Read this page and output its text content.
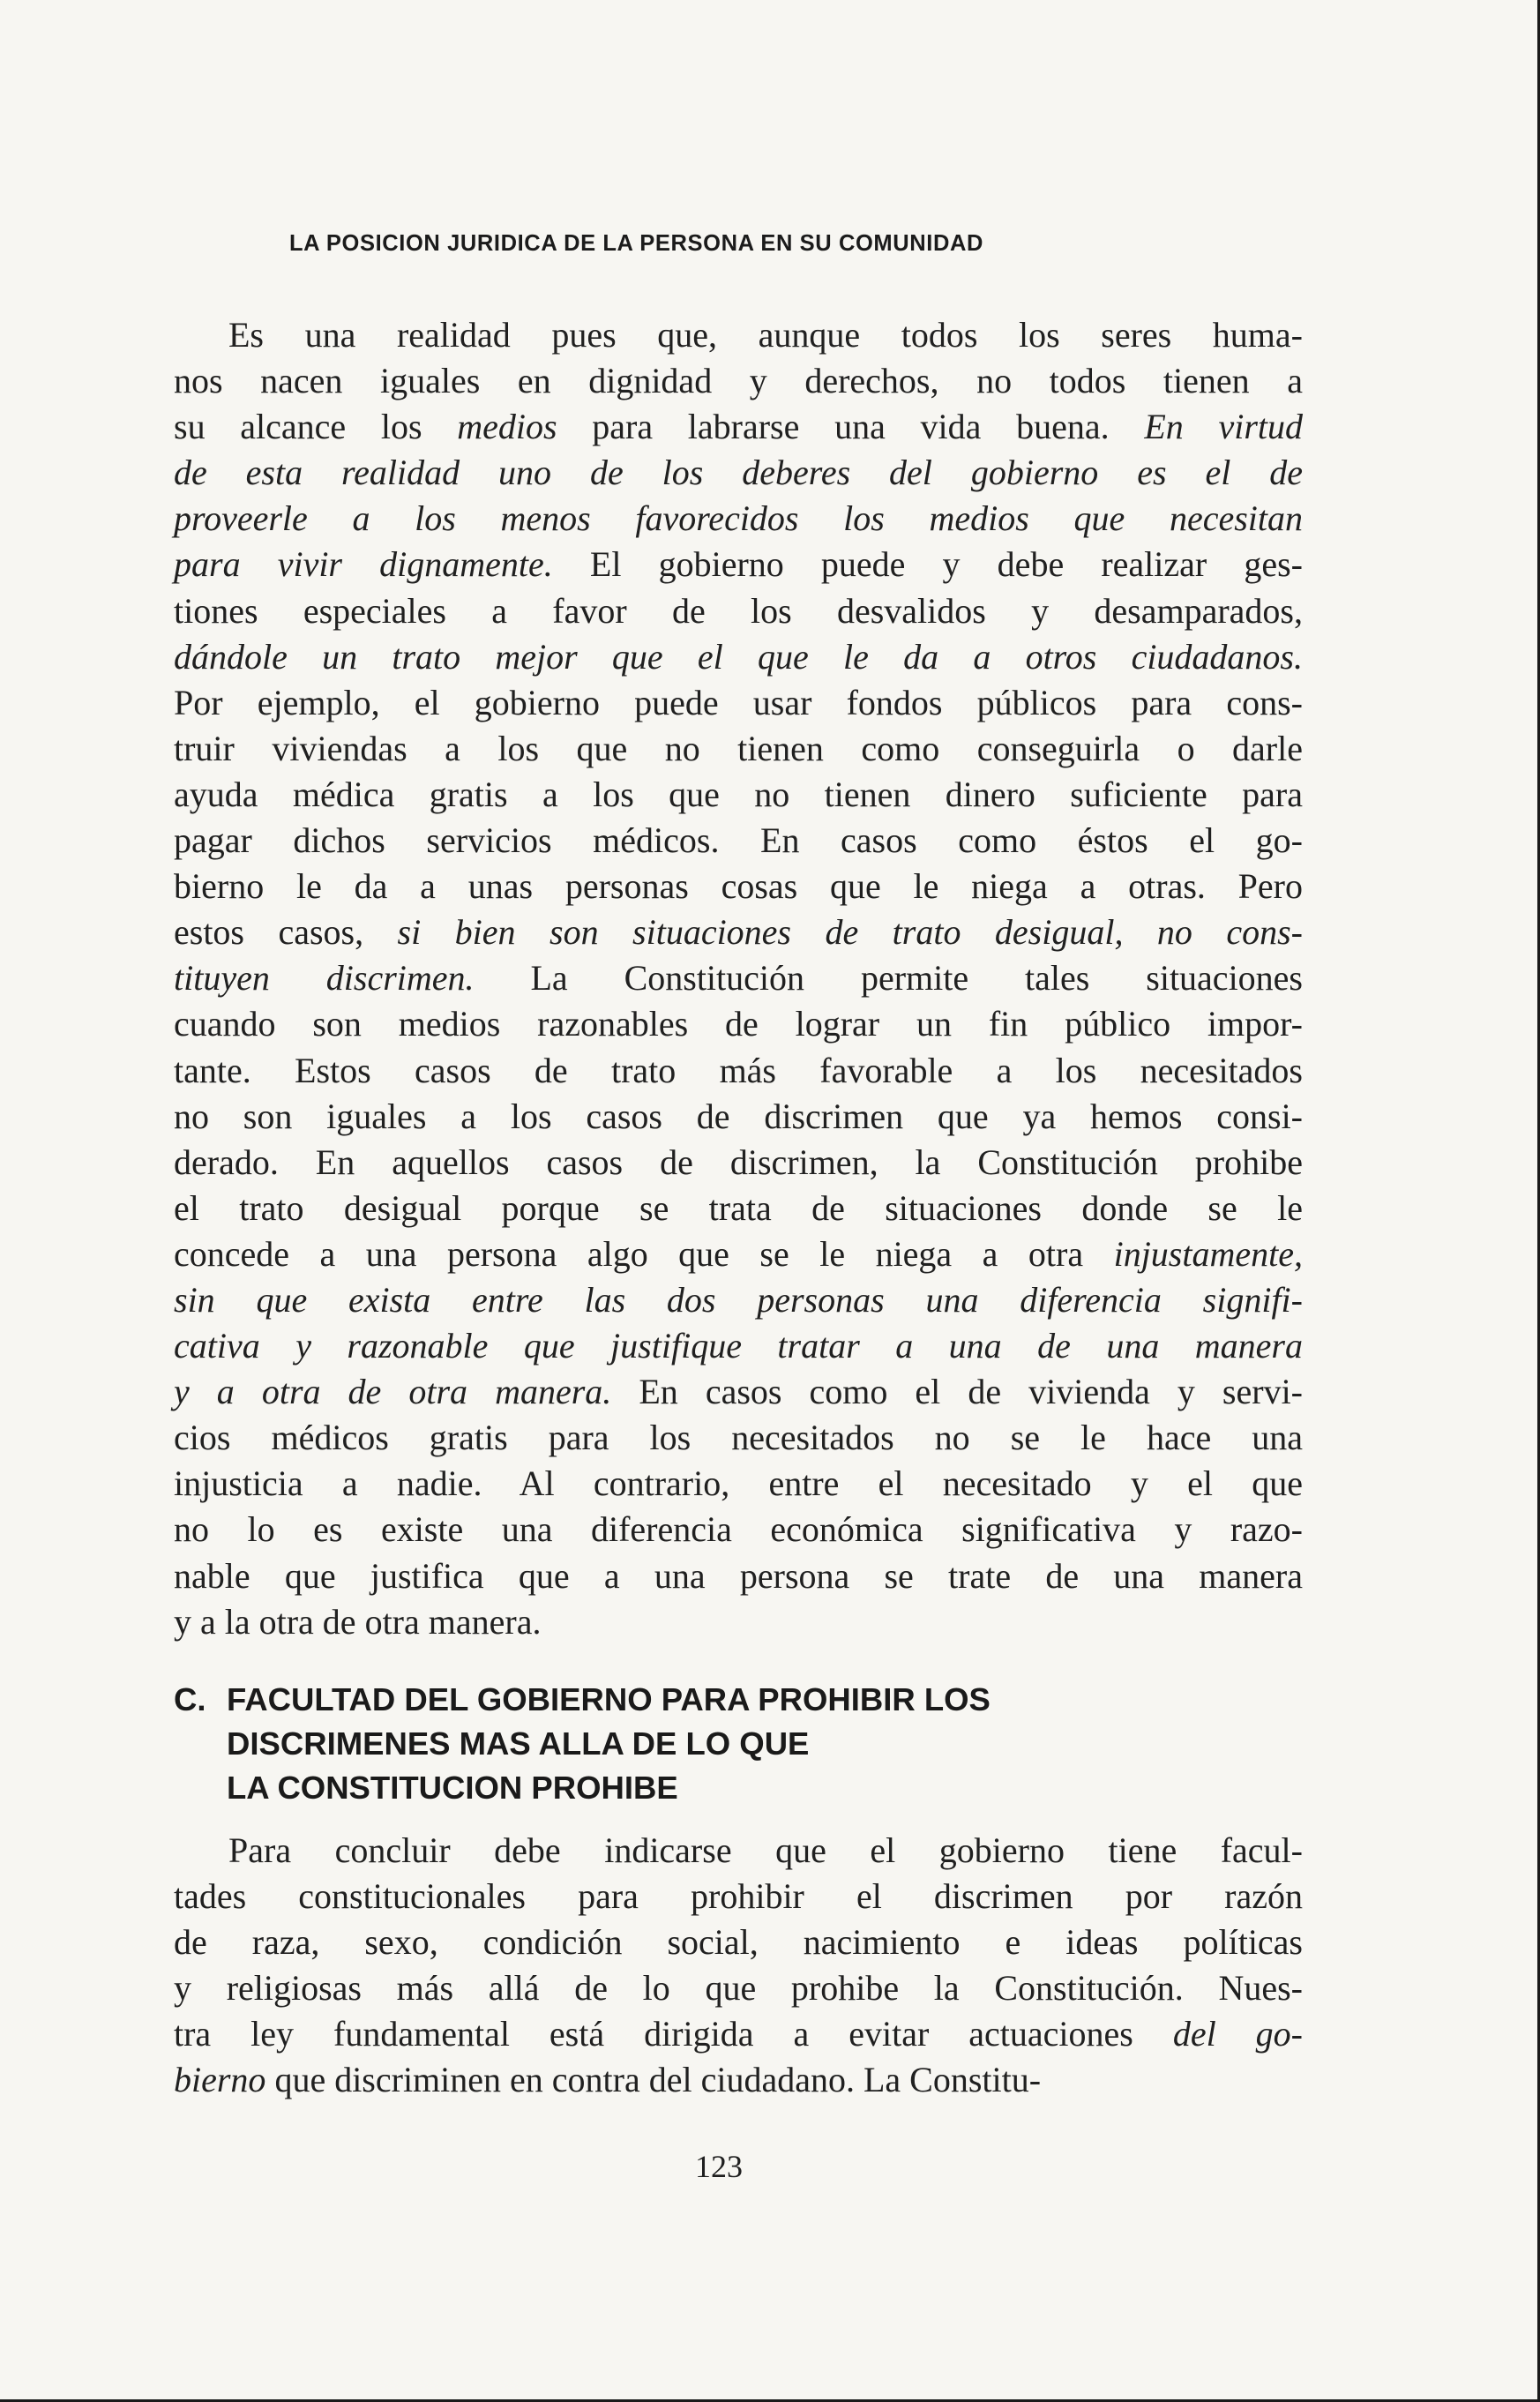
LA POSICION JURIDICA DE LA PERSONA EN SU COMUNIDAD
Es una realidad pues que, aunque todos los seres huma-
nos nacen iguales en dignidad y derechos, no todos tienen a
su alcance los medios para labrarse una vida buena. En virtud
de esta realidad uno de los deberes del gobierno es el de
proveerle a los menos favorecidos los medios que necesitan
para vivir dignamente. El gobierno puede y debe realizar ges-
tiones especiales a favor de los desvalidos y desamparados,
dándole un trato mejor que el que le da a otros ciudadanos.
Por ejemplo, el gobierno puede usar fondos públicos para cons-
truir viviendas a los que no tienen como conseguirla o darle
ayuda médica gratis a los que no tienen dinero suficiente para
pagar dichos servicios médicos. En casos como éstos el go-
bierno le da a unas personas cosas que le niega a otras. Pero
estos casos, si bien son situaciones de trato desigual, no cons-
tituyen discrimen. La Constitución permite tales situaciones
cuando son medios razonables de lograr un fin público impor-
tante. Estos casos de trato más favorable a los necesitados
no son iguales a los casos de discrimen que ya hemos consi-
derado. En aquellos casos de discrimen, la Constitución prohibe
el trato desigual porque se trata de situaciones donde se le
concede a una persona algo que se le niega a otra injustamente,
sin que exista entre las dos personas una diferencia signifi-
cativa y razonable que justifique tratar a una de una manera
y a otra de otra manera. En casos como el de vivienda y servi-
cios médicos gratis para los necesitados no se le hace una
injusticia a nadie. Al contrario, entre el necesitado y el que
no lo es existe una diferencia económica significativa y razo-
nable que justifica que a una persona se trate de una manera
y a la otra de otra manera.
C. FACULTAD DEL GOBIERNO PARA PROHIBIR LOS
DISCRIMENES MAS ALLA DE LO QUE
LA CONSTITUCION PROHIBE
Para concluir debe indicarse que el gobierno tiene facul-
tades constitucionales para prohibir el discrimen por razón
de raza, sexo, condición social, nacimiento e ideas políticas
y religiosas más allá de lo que prohibe la Constitución. Nues-
tra ley fundamental está dirigida a evitar actuaciones del go-
bierno que discriminen en contra del ciudadano. La Constitu-
123
